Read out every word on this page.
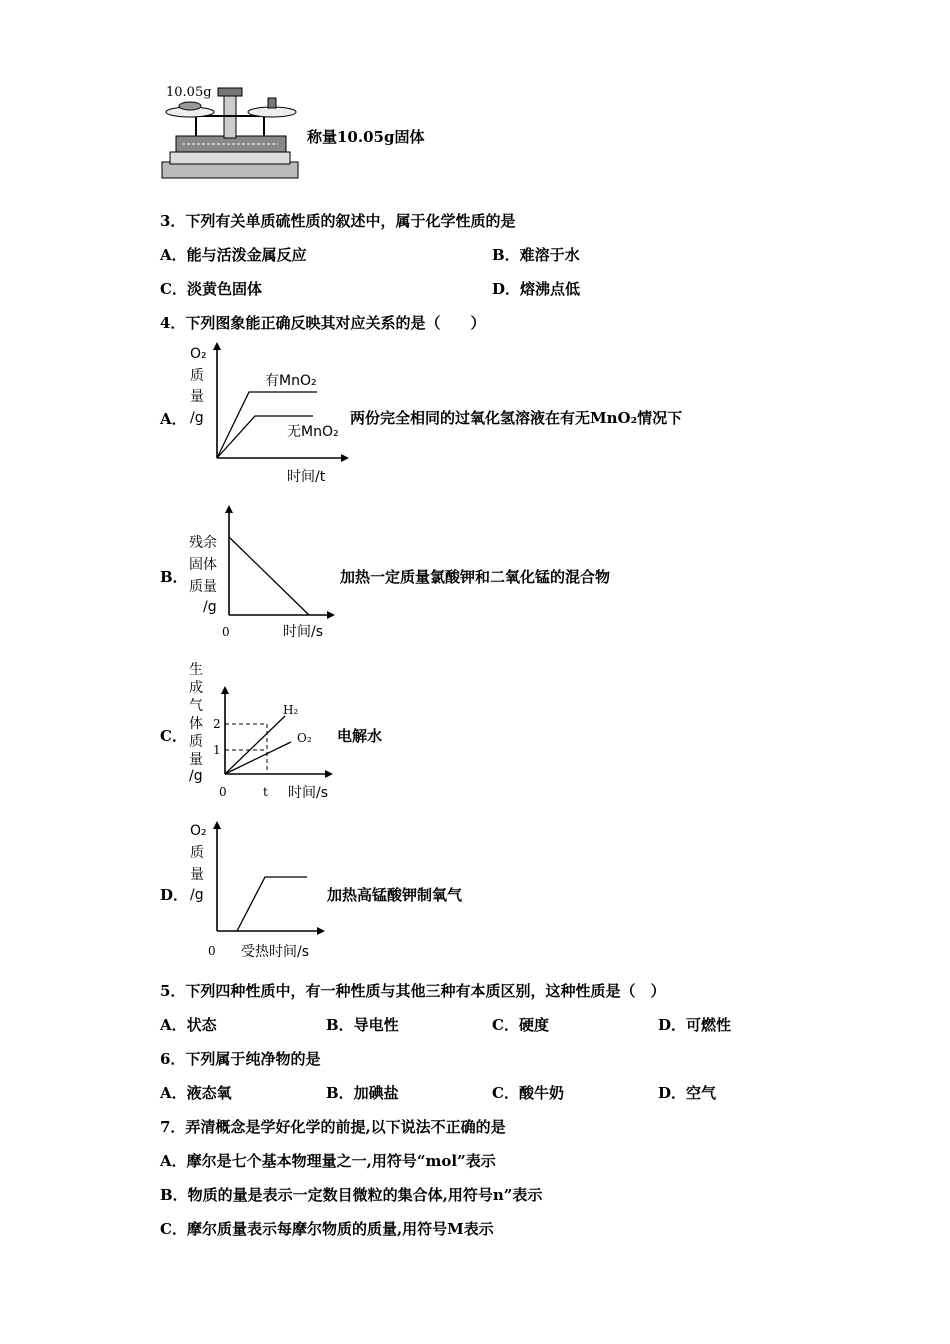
10.05g
称量10.05g固体
3．下列有关单质硫性质的叙述中，属于化学性质的是
A．能与活泼金属反应	B．难溶于水
C．淡黄色固体	D．熔沸点低
4．下列图象能正确反映其对应关系的是（　　）
A．
O₂
质
量
/g
有MnO₂
无MnO₂
时间/t
两份完全相同的过氧化氢溶液在有无MnO₂情况下
B．
残余
固体
质量
/g
0	时间/s
加热一定质量氯酸钾和二氧化锰的混合物
C．
生
成
气
体
质
量
/g
2
1
H₂
O₂
0	t 时间/s
电解水
D．
O₂
质
量
/g
0 受热时间/s
加热高锰酸钾制氧气
5．下列四种性质中，有一种性质与其他三种有本质区别，这种性质是（　）
A．状态	B．导电性	C．硬度	D．可燃性
6．下列属于纯净物的是
A．液态氧	B．加碘盐	C．酸牛奶	D．空气
7．弄清概念是学好化学的前提,以下说法不正确的是
A．摩尔是七个基本物理量之一,用符号“mol”表示
B．物质的量是表示一定数目微粒的集合体,用符号n”表示
C．摩尔质量表示每摩尔物质的质量,用符号M表示
